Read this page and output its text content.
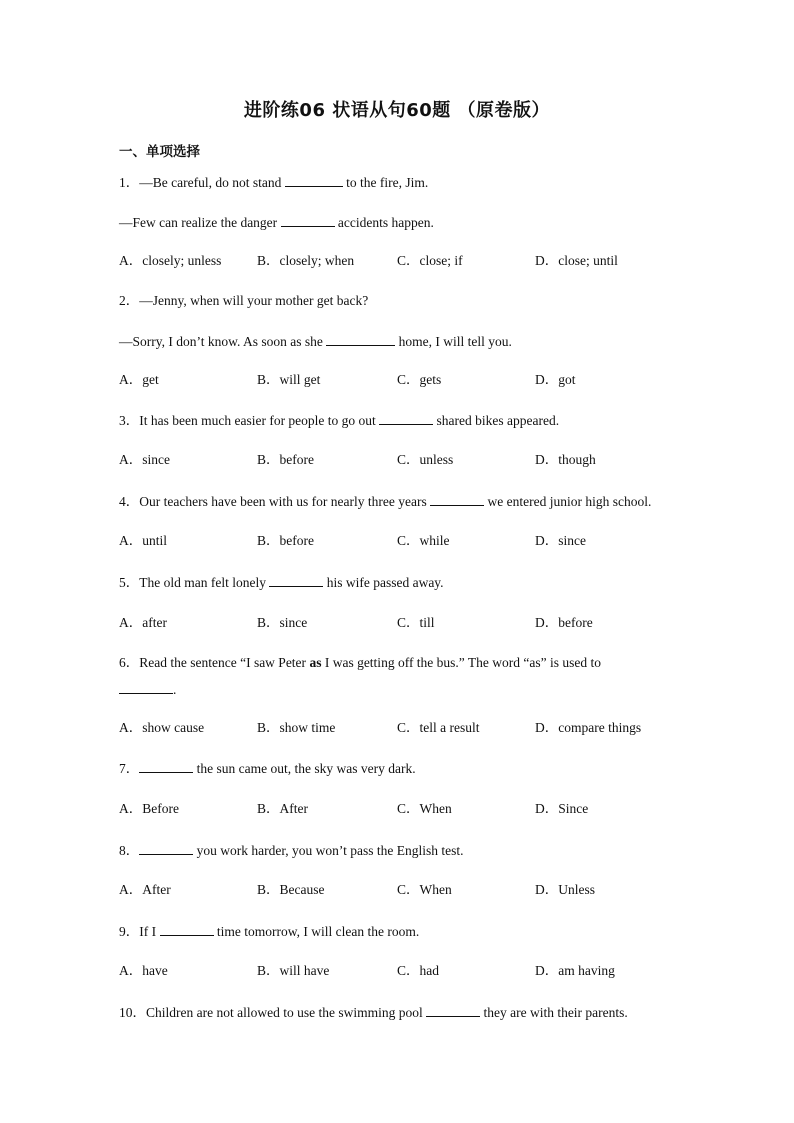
进阶练06 状语从句60题 （原卷版）
一、单项选择
1．—Be careful, do not stand	to the fire, Jim.
—Few can realize the danger	accidents happen.
A．closely; unless	B．closely; when	C．close; if	D．close; until
2．—Jenny, when will your mother get back?
—Sorry, I don’t know. As soon as she	home, I will tell you.
A．get	B．will get	C．gets	D．got
3．It has been much easier for people to go out	shared bikes appeared.
A．since	B．before	C．unless	D．though
4．Our teachers have been with us for nearly three years	we entered junior high school.
A．until	B．before	C．while	D．since
5．The old man felt lonely	his wife passed away.
A．after	B．since	C．till	D．before
6．Read the sentence “I saw Peter as I was getting off the bus.” The word “as” is used to
.
A．show cause	B．show time	C．tell a result	D．compare things
7．	the sun came out, the sky was very dark.
A．Before	B．After	C．When	D．Since
8．	you work harder, you won’t pass the English test.
A．After	B．Because	C．When	D．Unless
9．If I	time tomorrow, I will clean the room.
A．have	B．will have	C．had	D．am having
10．Children are not allowed to use the swimming pool	they are with their parents.
